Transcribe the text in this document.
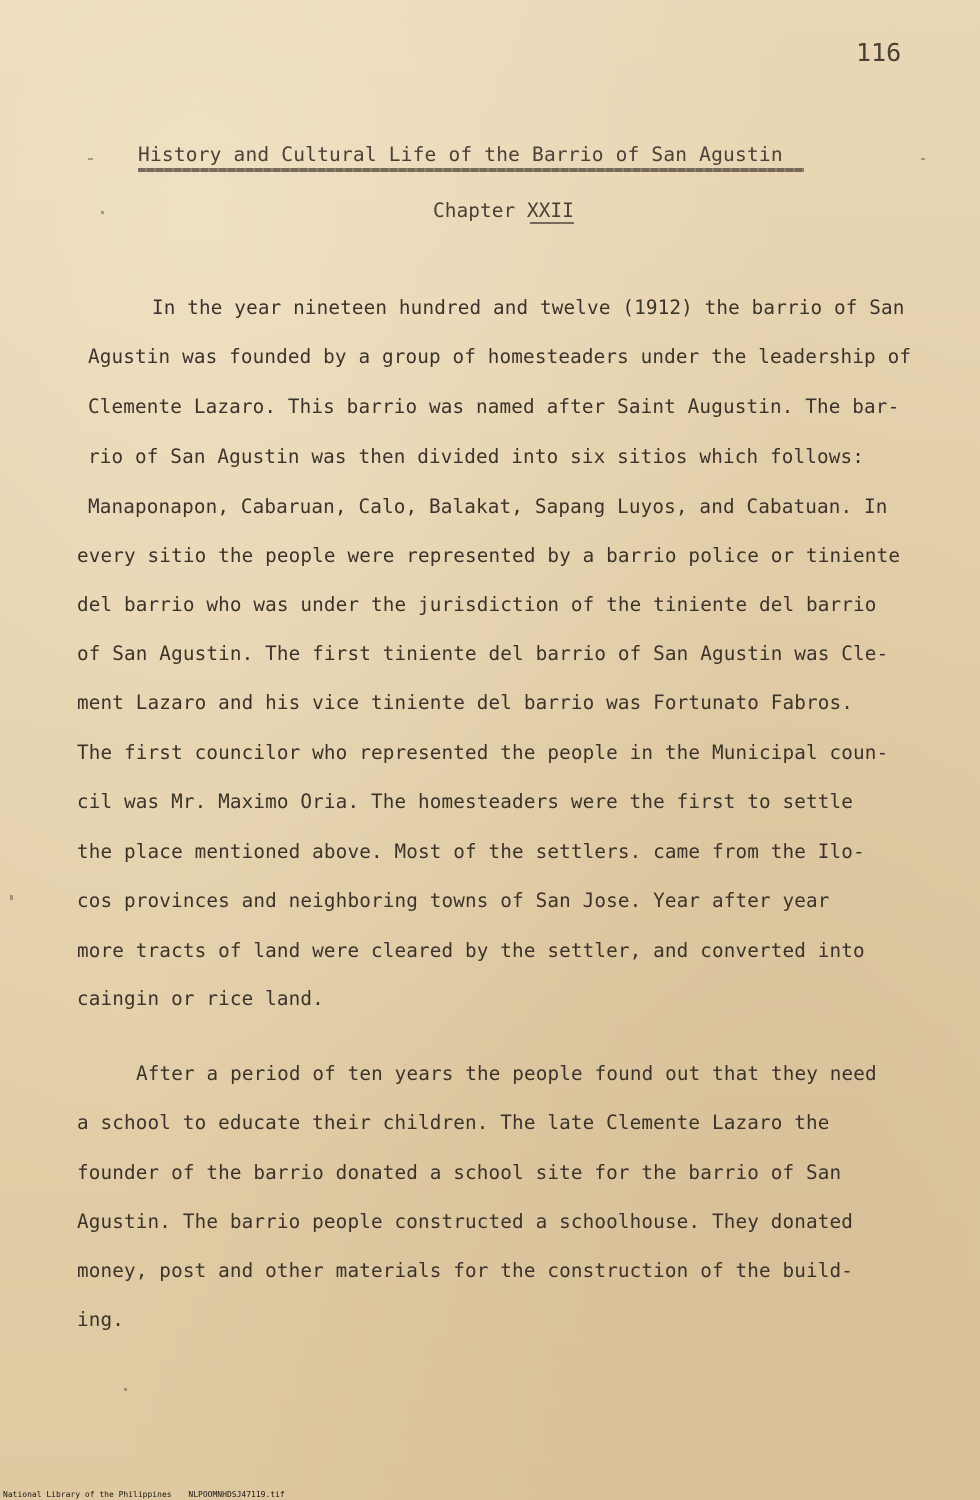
116
History and Cultural Life of the Barrio of San Agustin
Chapter XXII
In the year nineteen hundred and twelve (1912) the barrio of San
Agustin was founded by a group of homesteaders under the leadership of
Clemente Lazaro. This barrio was named after Saint Augustin. The bar-
rio of San Agustin was then divided into six sitios which follows:
Manaponapon, Cabaruan, Calo, Balakat, Sapang Luyos, and Cabatuan. In
every sitio the people were represented by a barrio police or tiniente
del barrio who was under the jurisdiction of the tiniente del barrio
of San Agustin. The first tiniente del barrio of San Agustin was Cle-
ment Lazaro and his vice tiniente del barrio was Fortunato Fabros.
The first councilor who represented the people in the Municipal coun-
cil was Mr. Maximo Oria. The homesteaders were the first to settle
the place mentioned above. Most of the settlers. came from the Ilo-
cos provinces and neighboring towns of San Jose. Year after year
more tracts of land were cleared by the settler, and converted into
caingin or rice land.
After a period of ten years the people found out that they need
a school to educate their children. The late Clemente Lazaro the
founder of the barrio donated a school site for the barrio of San
Agustin. The barrio people constructed a schoolhouse. They donated
money, post and other materials for the construction of the build-
ing.
National Library of the Philippines NLPOOMNHDSJ47119.tif
